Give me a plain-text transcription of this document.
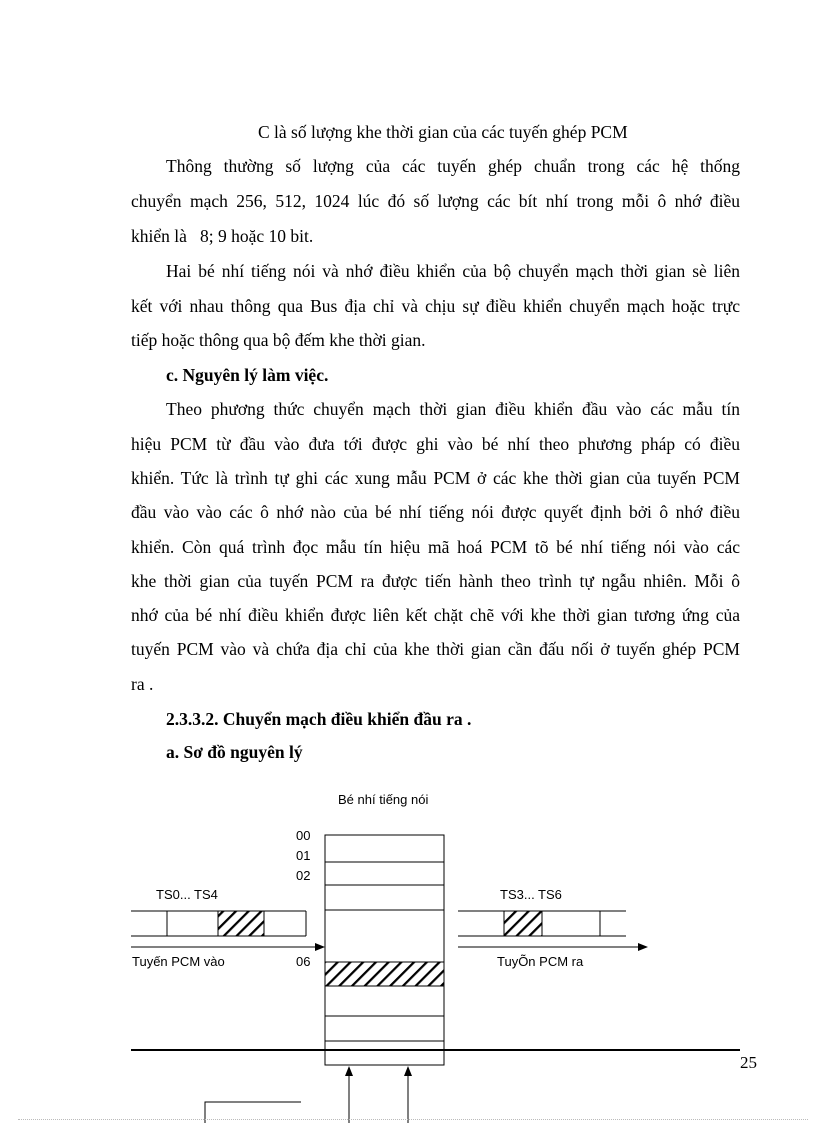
C là số lượng khe thời gian của các tuyến ghép PCM
Thông thường số lượng của các tuyến ghép chuẩn trong các hệ thống
chuyển mạch 256, 512, 1024 lúc đó số lượng các bít nhí trong mỗi ô nhớ điều
khiển là   8; 9 hoặc 10 bit.
Hai bé nhí tiếng nói và nhớ điều khiển của bộ chuyển mạch thời gian sè liên
kết với nhau thông qua Bus địa chỉ và chịu sự điều khiển chuyển mạch hoặc trực
tiếp hoặc thông qua bộ đếm khe thời gian.
c. Nguyên lý làm việc.
Theo phương thức chuyển mạch thời gian điều khiển đầu vào các mẫu tín
hiệu PCM từ đầu vào đưa tới được ghi vào bé nhí theo phương pháp có điều
khiển. Tức là trình tự ghi các xung mẫu PCM ở các khe thời gian của tuyến PCM
đầu vào vào các ô nhớ nào của bé nhí tiếng nói được quyết định bởi ô nhớ điều
khiển. Còn quá trình đọc mẫu tín hiệu mã hoá PCM tõ bé nhí tiếng nói vào các
khe thời gian của tuyến PCM ra được tiến hành theo trình tự ngẫu nhiên. Mỗi ô
nhớ của bé nhí điều khiển được liên kết chặt chẽ với khe thời gian tương ứng của
tuyến PCM vào và chứa địa chỉ của khe thời gian cần đấu nối ở tuyến ghép PCM
ra .
2.3.3.2. Chuyển mạch điều khiển đầu ra .
a. Sơ đồ nguyên lý
Bé nhí tiếng nói
00
01
02
TS0... TS4	TS3... TS6
Tuyến PCM vào	06	TuyÕn PCM ra
25
